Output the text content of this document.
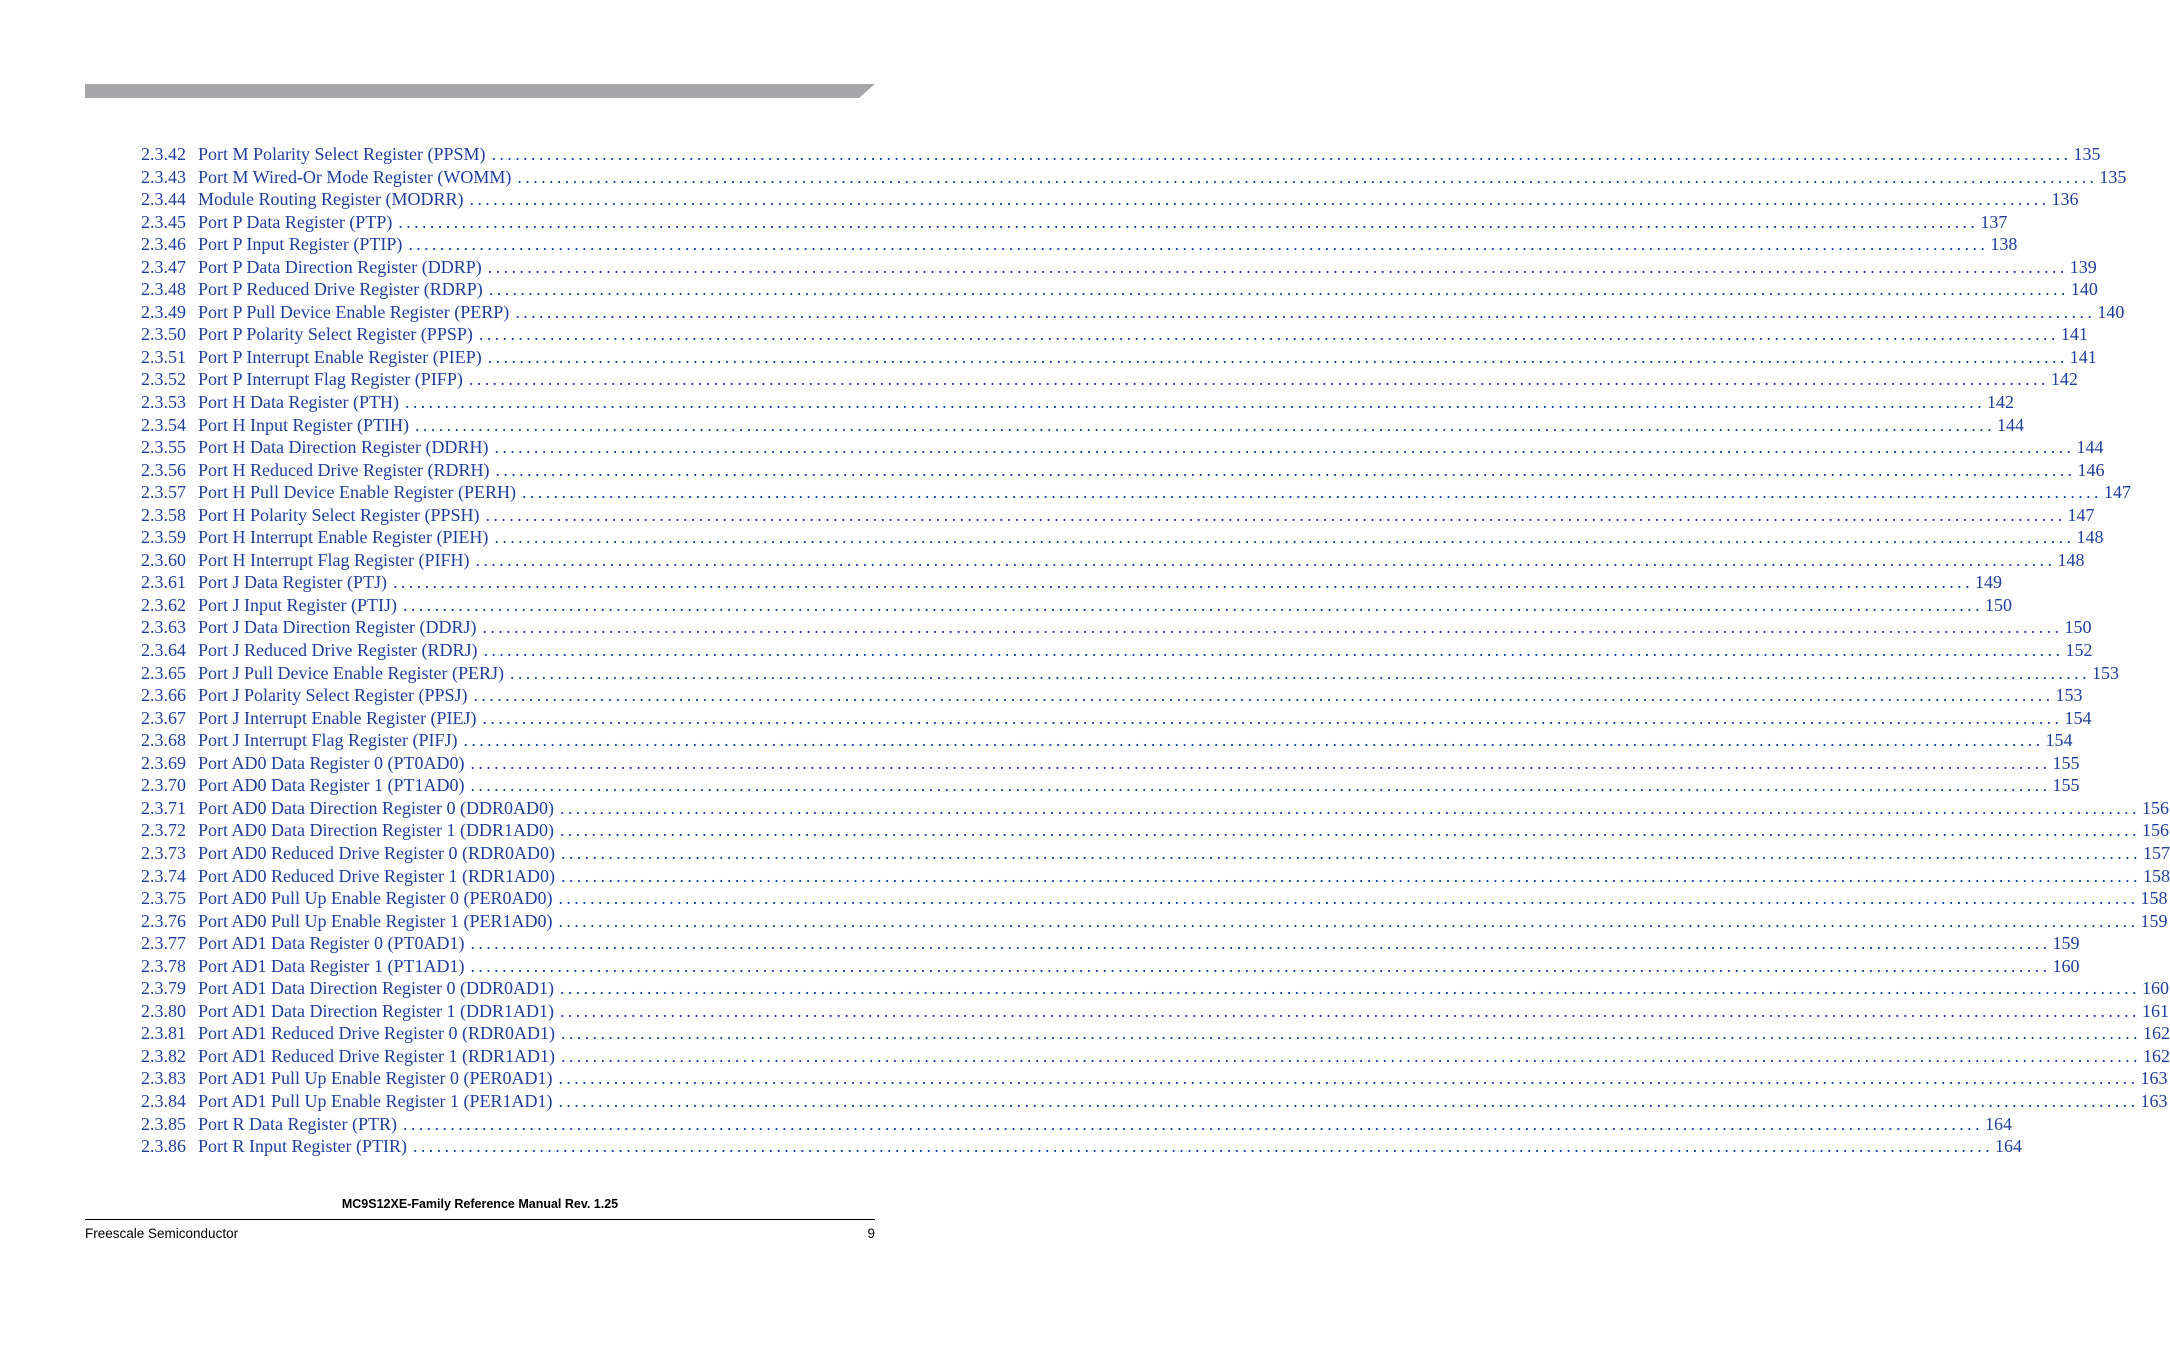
2.3.42 Port M Polarity Select Register (PPSM) ........................................................................................................................................................................................................ 135
2.3.43 Port M Wired-Or Mode Register (WOMM) ........................................................................................................................................................................................................ 135
2.3.44 Module Routing Register (MODRR) ........................................................................................................................................................................................................ 136
2.3.45 Port P Data Register (PTP) ........................................................................................................................................................................................................ 137
2.3.46 Port P Input Register (PTIP) ........................................................................................................................................................................................................ 138
2.3.47 Port P Data Direction Register (DDRP) ........................................................................................................................................................................................................ 139
2.3.48 Port P Reduced Drive Register (RDRP) ........................................................................................................................................................................................................ 140
2.3.49 Port P Pull Device Enable Register (PERP) ........................................................................................................................................................................................................ 140
2.3.50 Port P Polarity Select Register (PPSP) ........................................................................................................................................................................................................ 141
2.3.51 Port P Interrupt Enable Register (PIEP) ........................................................................................................................................................................................................ 141
2.3.52 Port P Interrupt Flag Register (PIFP) ........................................................................................................................................................................................................ 142
2.3.53 Port H Data Register (PTH) ........................................................................................................................................................................................................ 142
2.3.54 Port H Input Register (PTIH) ........................................................................................................................................................................................................ 144
2.3.55 Port H Data Direction Register (DDRH) ........................................................................................................................................................................................................ 144
2.3.56 Port H Reduced Drive Register (RDRH) ........................................................................................................................................................................................................ 146
2.3.57 Port H Pull Device Enable Register (PERH) ........................................................................................................................................................................................................ 147
2.3.58 Port H Polarity Select Register (PPSH) ........................................................................................................................................................................................................ 147
2.3.59 Port H Interrupt Enable Register (PIEH) ........................................................................................................................................................................................................ 148
2.3.60 Port H Interrupt Flag Register (PIFH) ........................................................................................................................................................................................................ 148
2.3.61 Port J Data Register (PTJ) ........................................................................................................................................................................................................ 149
2.3.62 Port J Input Register (PTIJ) ........................................................................................................................................................................................................ 150
2.3.63 Port J Data Direction Register (DDRJ) ........................................................................................................................................................................................................ 150
2.3.64 Port J Reduced Drive Register (RDRJ) ........................................................................................................................................................................................................ 152
2.3.65 Port J Pull Device Enable Register (PERJ) ........................................................................................................................................................................................................ 153
2.3.66 Port J Polarity Select Register (PPSJ) ........................................................................................................................................................................................................ 153
2.3.67 Port J Interrupt Enable Register (PIEJ) ........................................................................................................................................................................................................ 154
2.3.68 Port J Interrupt Flag Register (PIFJ) ........................................................................................................................................................................................................ 154
2.3.69 Port AD0 Data Register 0 (PT0AD0) ........................................................................................................................................................................................................ 155
2.3.70 Port AD0 Data Register 1 (PT1AD0) ........................................................................................................................................................................................................ 155
2.3.71 Port AD0 Data Direction Register 0 (DDR0AD0) ........................................................................................................................................................................................................ 156
2.3.72 Port AD0 Data Direction Register 1 (DDR1AD0) ........................................................................................................................................................................................................ 156
2.3.73 Port AD0 Reduced Drive Register 0 (RDR0AD0) ........................................................................................................................................................................................................ 157
2.3.74 Port AD0 Reduced Drive Register 1 (RDR1AD0) ........................................................................................................................................................................................................ 158
2.3.75 Port AD0 Pull Up Enable Register 0 (PER0AD0) ........................................................................................................................................................................................................ 158
2.3.76 Port AD0 Pull Up Enable Register 1 (PER1AD0) ........................................................................................................................................................................................................ 159
2.3.77 Port AD1 Data Register 0 (PT0AD1) ........................................................................................................................................................................................................ 159
2.3.78 Port AD1 Data Register 1 (PT1AD1) ........................................................................................................................................................................................................ 160
2.3.79 Port AD1 Data Direction Register 0 (DDR0AD1) ........................................................................................................................................................................................................ 160
2.3.80 Port AD1 Data Direction Register 1 (DDR1AD1) ........................................................................................................................................................................................................ 161
2.3.81 Port AD1 Reduced Drive Register 0 (RDR0AD1) ........................................................................................................................................................................................................ 162
2.3.82 Port AD1 Reduced Drive Register 1 (RDR1AD1) ........................................................................................................................................................................................................ 162
2.3.83 Port AD1 Pull Up Enable Register 0 (PER0AD1) ........................................................................................................................................................................................................ 163
2.3.84 Port AD1 Pull Up Enable Register 1 (PER1AD1) ........................................................................................................................................................................................................ 163
2.3.85 Port R Data Register (PTR) ........................................................................................................................................................................................................ 164
2.3.86 Port R Input Register (PTIR) ........................................................................................................................................................................................................ 164
MC9S12XE-Family Reference Manual Rev. 1.25
Freescale Semiconductor	9
